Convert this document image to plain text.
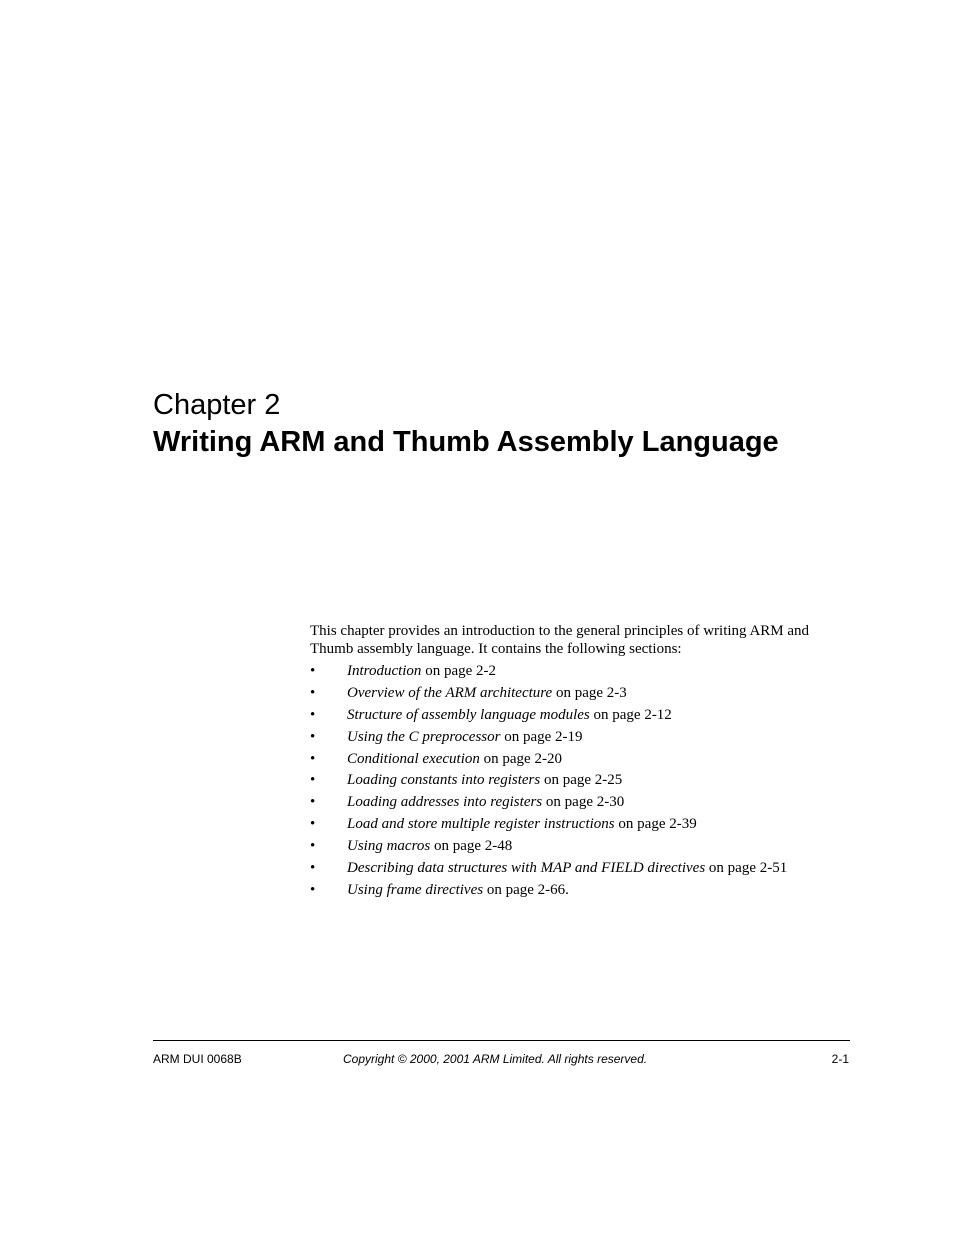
Chapter 2
Writing ARM and Thumb Assembly Language
This chapter provides an introduction to the general principles of writing ARM and Thumb assembly language. It contains the following sections:
• Introduction on page 2-2
• Overview of the ARM architecture on page 2-3
• Structure of assembly language modules on page 2-12
• Using the C preprocessor on page 2-19
• Conditional execution on page 2-20
• Loading constants into registers on page 2-25
• Loading addresses into registers on page 2-30
• Load and store multiple register instructions on page 2-39
• Using macros on page 2-48
• Describing data structures with MAP and FIELD directives on page 2-51
• Using frame directives on page 2-66.
ARM DUI 0068B	Copyright © 2000, 2001 ARM Limited. All rights reserved.	2-1
